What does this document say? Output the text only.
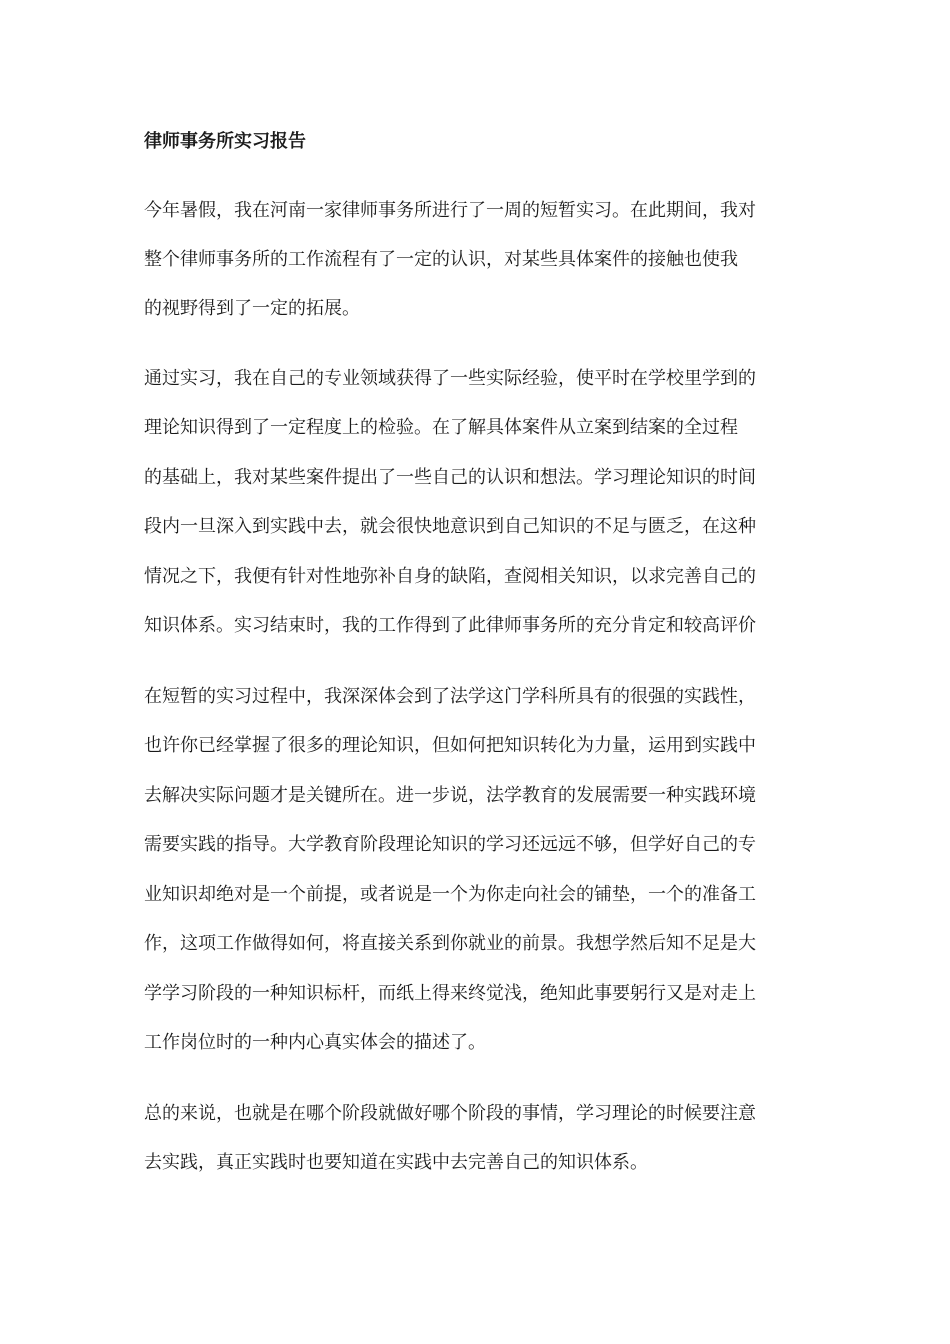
律师事务所实习报告

今年暑假，我在河南一家律师事务所进行了一周的短暂实习。在此期间，我对

整个律师事务所的工作流程有了一定的认识，对某些具体案件的接触也使我

的视野得到了一定的拓展。

通过实习，我在自己的专业领域获得了一些实际经验，使平时在学校里学到的

理论知识得到了一定程度上的检验。在了解具体案件从立案到结案的全过程

的基础上，我对某些案件提出了一些自己的认识和想法。学习理论知识的时间

段内一旦深入到实践中去，就会很快地意识到自己知识的不足与匮乏，在这种

情况之下，我便有针对性地弥补自身的缺陷，查阅相关知识，以求完善自己的

知识体系。实习结束时，我的工作得到了此律师事务所的充分肯定和较高评价

在短暂的实习过程中，我深深体会到了法学这门学科所具有的很强的实践性，

也许你已经掌握了很多的理论知识，但如何把知识转化为力量，运用到实践中

去解决实际问题才是关键所在。进一步说，法学教育的发展需要一种实践环境

需要实践的指导。大学教育阶段理论知识的学习还远远不够，但学好自己的专

业知识却绝对是一个前提，或者说是一个为你走向社会的铺垫，一个的准备工

作，这项工作做得如何，将直接关系到你就业的前景。我想学然后知不足是大

学学习阶段的一种知识标杆，而纸上得来终觉浅，绝知此事要躬行又是对走上

工作岗位时的一种内心真实体会的描述了。

总的来说，也就是在哪个阶段就做好哪个阶段的事情，学习理论的时候要注意

去实践，真正实践时也要知道在实践中去完善自己的知识体系。
